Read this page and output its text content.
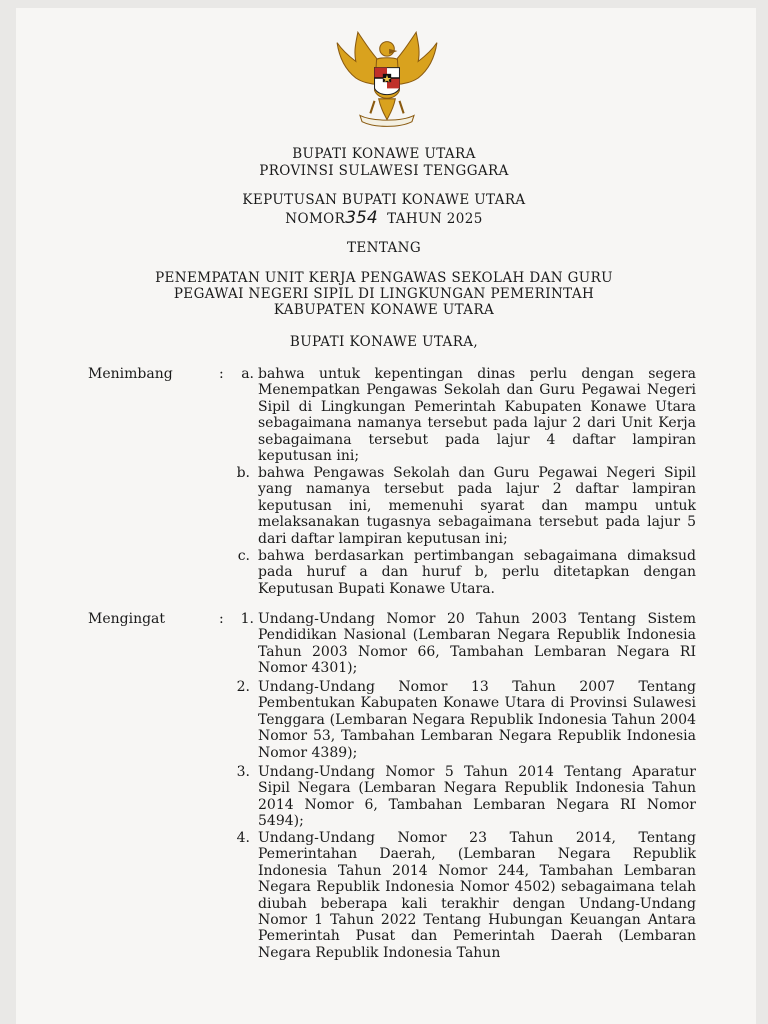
BUPATI KONAWE UTARA
PROVINSI SULAWESI TENGGARA
KEPUTUSAN BUPATI KONAWE UTARA
NOMOR354 TAHUN 2025
TENTANG
PENEMPATAN UNIT KERJA PENGAWAS SEKOLAH DAN GURU
PEGAWAI NEGERI SIPIL DI LINGKUNGAN PEMERINTAH
KABUPATEN KONAWE UTARA
BUPATI KONAWE UTARA,
Menimbang	:	a. bahwa untuk kepentingan dinas perlu dengan segera Menempatkan Pengawas Sekolah dan Guru Pegawai Negeri Sipil di Lingkungan Pemerintah Kabupaten Konawe Utara sebagaimana namanya tersebut pada lajur 2 dari Unit Kerja sebagaimana tersebut pada lajur 4 daftar lampiran keputusan ini;
b. bahwa Pengawas Sekolah dan Guru Pegawai Negeri Sipil yang namanya tersebut pada lajur 2 daftar lampiran keputusan ini, memenuhi syarat dan mampu untuk melaksanakan tugasnya sebagaimana tersebut pada lajur 5 dari daftar lampiran keputusan ini;
c. bahwa berdasarkan pertimbangan sebagaimana dimaksud pada huruf a dan huruf b, perlu ditetapkan dengan Keputusan Bupati Konawe Utara.
Mengingat	:	1. Undang-Undang Nomor 20 Tahun 2003 Tentang Sistem Pendidikan Nasional (Lembaran Negara Republik Indonesia Tahun 2003 Nomor 66, Tambahan Lembaran Negara RI Nomor 4301);
2. Undang-Undang Nomor 13 Tahun 2007 Tentang Pembentukan Kabupaten Konawe Utara di Provinsi Sulawesi Tenggara (Lembaran Negara Republik Indonesia Tahun 2004 Nomor 53, Tambahan Lembaran Negara Republik Indonesia Nomor 4389);
3. Undang-Undang Nomor 5 Tahun 2014 Tentang Aparatur Sipil Negara (Lembaran Negara Republik Indonesia Tahun 2014 Nomor 6, Tambahan Lembaran Negara RI Nomor 5494);
4. Undang-Undang Nomor 23 Tahun 2014, Tentang Pemerintahan Daerah, (Lembaran Negara Republik Indonesia Tahun 2014 Nomor 244, Tambahan Lembaran Negara Republik Indonesia Nomor 4502) sebagaimana telah diubah beberapa kali terakhir dengan Undang-Undang Nomor 1 Tahun 2022 Tentang Hubungan Keuangan Antara Pemerintah Pusat dan Pemerintah Daerah (Lembaran Negara Republik Indonesia Tahun
